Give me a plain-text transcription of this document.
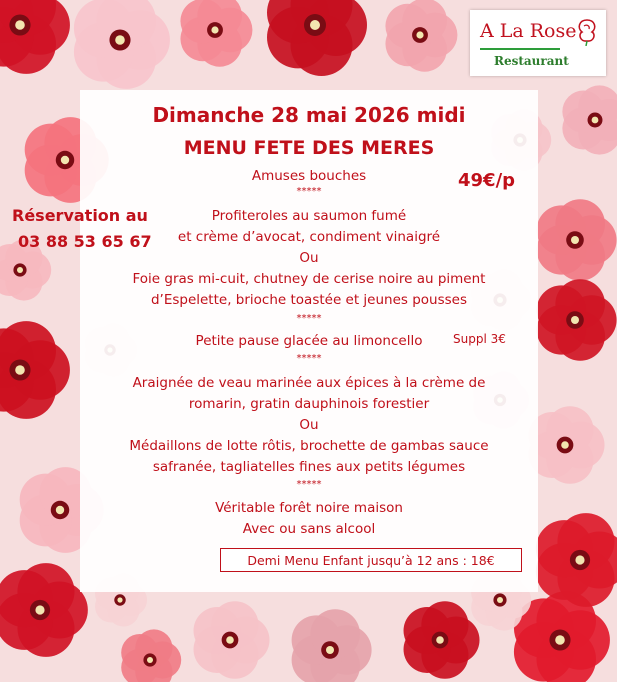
A La Rose
Restaurant
Dimanche 28 mai 2026 midi
MENU FETE DES MERES
49€/p
Réservation au
03 88 53 65 67
Amuses bouches
*****
Profiteroles au saumon fumé
et crème d’avocat, condiment vinaigré
Ou
Foie gras mi-cuit, chutney de cerise noire au piment
d’Espelette, brioche toastée et jeunes pousses
*****
Petite pause glacée au limoncello
*****
Araignée de veau marinée aux épices à la crème de
romarin, gratin dauphinois forestier
Ou
Médaillons de lotte rôtis, brochette de gambas sauce
safranée, tagliatelles fines aux petits légumes
*****
Véritable forêt noire maison
Avec ou sans alcool
Suppl 3€
Demi Menu Enfant jusqu’à 12 ans : 18€
